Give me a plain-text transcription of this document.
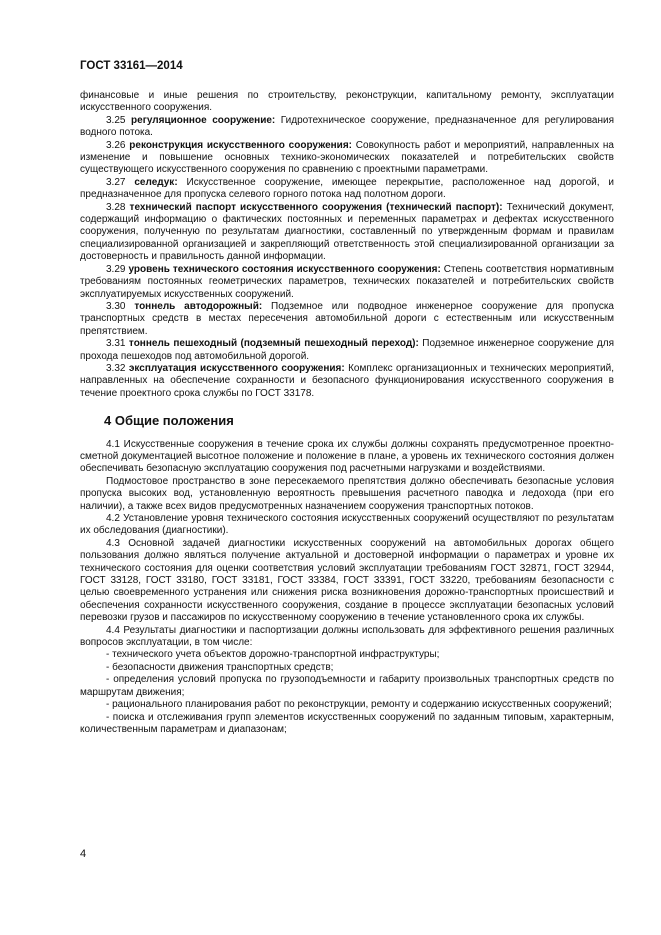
ГОСТ 33161—2014

финансовые и иные решения по строительству, реконструкции, капитальному ремонту, эксплуатации искусственного сооружения.

3.25 регуляционное сооружение: Гидротехническое сооружение, предназначенное для регулирования водного потока.

3.26 реконструкция искусственного сооружения: Совокупность работ и мероприятий, направленных на изменение и повышение основных технико-экономических показателей и потребительских свойств существующего искусственного сооружения по сравнению с проектными параметрами.

3.27 селедук: Искусственное сооружение, имеющее перекрытие, расположенное над дорогой, и предназначенное для пропуска селевого горного потока над полотном дороги.

3.28 технический паспорт искусственного сооружения (технический паспорт): Технический документ, содержащий информацию о фактических постоянных и переменных параметрах и дефектах искусственного сооружения, полученную по результатам диагностики, составленный по утвержденным формам и правилам специализированной организацией и закрепляющий ответственность этой специализированной организации за достоверность и правильность данной информации.

3.29 уровень технического состояния искусственного сооружения: Степень соответствия нормативным требованиям постоянных геометрических параметров, технических показателей и потребительских свойств эксплуатируемых искусственных сооружений.

3.30 тоннель автодорожный: Подземное или подводное инженерное сооружение для пропуска транспортных средств в местах пересечения автомобильной дороги с естественным или искусственным препятствием.

3.31 тоннель пешеходный (подземный пешеходный переход): Подземное инженерное сооружение для прохода пешеходов под автомобильной дорогой.

3.32 эксплуатация искусственного сооружения: Комплекс организационных и технических мероприятий, направленных на обеспечение сохранности и безопасного функционирования искусственного сооружения в течение проектного срока службы по ГОСТ 33178.

4 Общие положения

4.1 Искусственные сооружения в течение срока их службы должны сохранять предусмотренное проектно-сметной документацией высотное положение и положение в плане, а уровень их технического состояния должен обеспечивать безопасную эксплуатацию сооружения под расчетными нагрузками и воздействиями.

Подмостовое пространство в зоне пересекаемого препятствия должно обеспечивать безопасные условия пропуска высоких вод, установленную вероятность превышения расчетного паводка и ледохода (при его наличии), а также всех видов предусмотренных назначением сооружения транспортных потоков.

4.2 Установление уровня технического состояния искусственных сооружений осуществляют по результатам их обследования (диагностики).

4.3 Основной задачей диагностики искусственных сооружений на автомобильных дорогах общего пользования должно являться получение актуальной и достоверной информации о параметрах и уровне их технического состояния для оценки соответствия условий эксплуатации требованиям ГОСТ 32871, ГОСТ 32944, ГОСТ 33128, ГОСТ 33180, ГОСТ 33181, ГОСТ 33384, ГОСТ 33391, ГОСТ 33220, требованиям безопасности с целью своевременного устранения или снижения риска возникновения дорожно-транспортных происшествий и обеспечения сохранности искусственного сооружения, создание в процессе эксплуатации безопасных условий перевозки грузов и пассажиров по искусственному сооружению в течение установленного срока их службы.

4.4 Результаты диагностики и паспортизации должны использовать для эффективного решения различных вопросов эксплуатации, в том числе:

- технического учета объектов дорожно-транспортной инфраструктуры;

- безопасности движения транспортных средств;

- определения условий пропуска по грузоподъемности и габариту произвольных транспортных средств по маршрутам движения;

- рационального планирования работ по реконструкции, ремонту и содержанию искусственных сооружений;

- поиска и отслеживания групп элементов искусственных сооружений по заданным типовым, характерным, количественным параметрам и диапазонам;

4
